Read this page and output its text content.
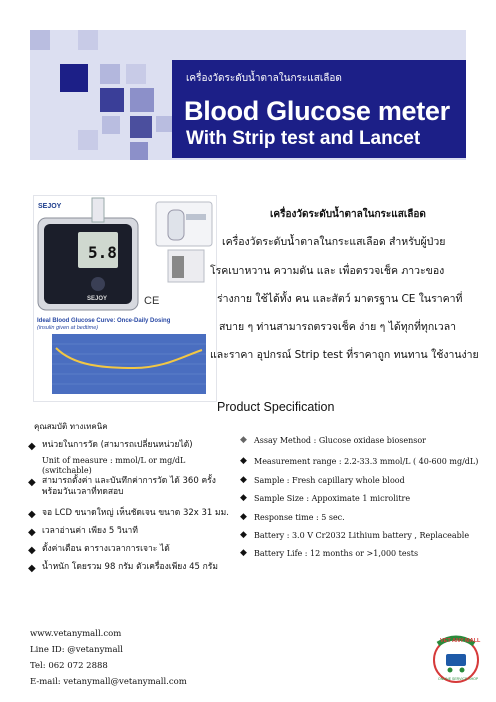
เครื่องวัดระดับน้ำตาลในกระแสเลือด
Blood Glucose meter
With Strip test and Lancet
5.8
SEJOY
SEJOY
CE
Ideal Blood Glucose Curve: Once-Daily Dosing
(insulin given at bedtime)
เครื่องวัดระดับน้ำตาลในกระแสเลือด
เครื่องวัดระดับน้ำตาลในกระแสเลือด สำหรับผู้ป่วย
โรคเบาหวาน ความดัน และ เพื่อตรวจเช็ค ภาวะของ
ร่างกาย ใช้ได้ทั้ง คน และสัตว์ มาตรฐาน CE ในราคาที่
สบาย ๆ ท่านสามารถตรวจเช็ค ง่าย ๆ ได้ทุกที่ทุกเวลา
และราคา อุปกรณ์ Strip test ที่ราคาถูก ทนทาน ใช้งานง่าย
คุณสมบัติ ทางเทคนิค
Product Specification
◆ หน่วยในการวัด (สามารถเปลี่ยนหน่วยได้)
Unit of measure : mmol/L or mg/dL (switchable)
◆ สามารถตั้งค่า และบันทึกค่าการวัด ได้ 360 ครั้ง
พร้อมวันเวลาที่ทดสอบ
◆ จอ LCD ขนาดใหญ่ เห็นชัดเจน ขนาด 32x 31 มม.
◆ เวลาอ่านค่า เพียง 5 วินาที
◆ ตั้งค่าเตือน ตารางเวลาการเจาะ ได้
◆ น้ำหนัก โดยรวม 98 กรัม ตัวเครื่องเพียง 45 กรัม
◆ Assay Method : Glucose oxidase biosensor
◆ Measurement range : 2.2-33.3 mmol/L ( 40-600 mg/dL)
◆ Sample : Fresh capillary whole blood
◆ Sample Size : Appoximate 1 microlitre
◆ Response time : 5 sec.
◆ Battery : 3.0 V Cr2032 Lithium battery , Replaceable
◆ Battery Life : 12 months or >1,000 tests
www.vetanymall.com
Line ID: @vetanymall
Tel: 062 072 2888
E-mail: vetanymall@vetanymall.com
VET ANY MALL
ONLINE SERVICE SHOP
